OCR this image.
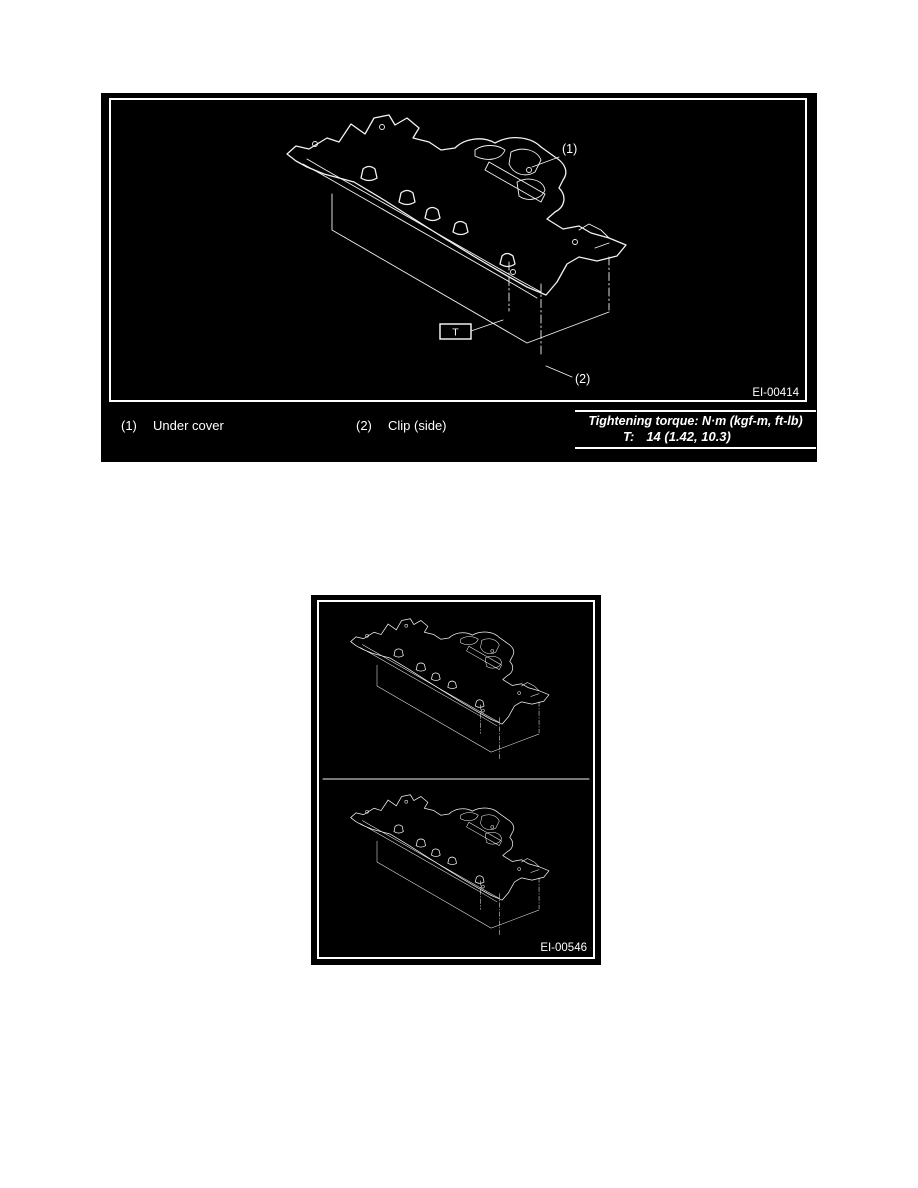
(1)
(2)
T
EI-00414
(1) Under cover	(2) Clip (side)	Tightening torque: N·m (kgf-m, ft-lb)
T: 14 (1.42, 10.3)
EI-00546
